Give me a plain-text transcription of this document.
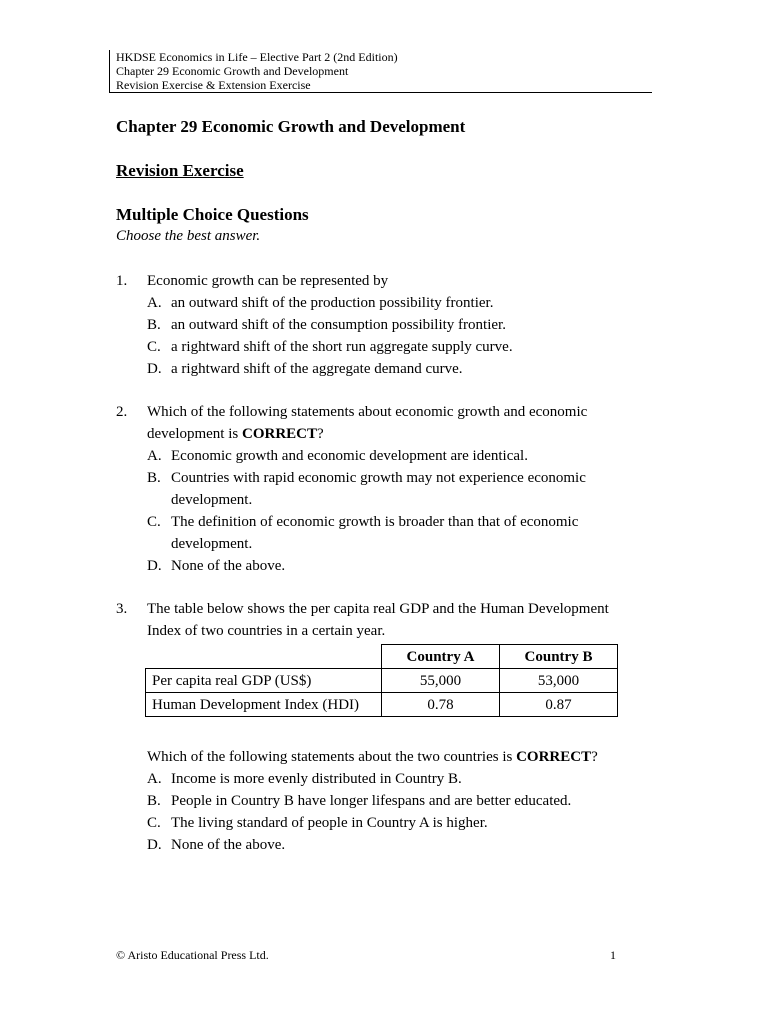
HKDSE Economics in Life – Elective Part 2 (2nd Edition)
Chapter 29 Economic Growth and Development
Revision Exercise & Extension Exercise
Chapter 29 Economic Growth and Development
Revision Exercise
Multiple Choice Questions
Choose the best answer.
1. Economic growth can be represented by
A. an outward shift of the production possibility frontier.
B. an outward shift of the consumption possibility frontier.
C. a rightward shift of the short run aggregate supply curve.
D. a rightward shift of the aggregate demand curve.
2. Which of the following statements about economic growth and economic development is CORRECT?
A. Economic growth and economic development are identical.
B. Countries with rapid economic growth may not experience economic development.
C. The definition of economic growth is broader than that of economic development.
D. None of the above.
3. The table below shows the per capita real GDP and the Human Development Index of two countries in a certain year.
	Country A	Country B
Per capita real GDP (US$)	55,000	53,000
Human Development Index (HDI)	0.78	0.87
Which of the following statements about the two countries is CORRECT?
A. Income is more evenly distributed in Country B.
B. People in Country B have longer lifespans and are better educated.
C. The living standard of people in Country A is higher.
D. None of the above.
© Aristo Educational Press Ltd.	1
